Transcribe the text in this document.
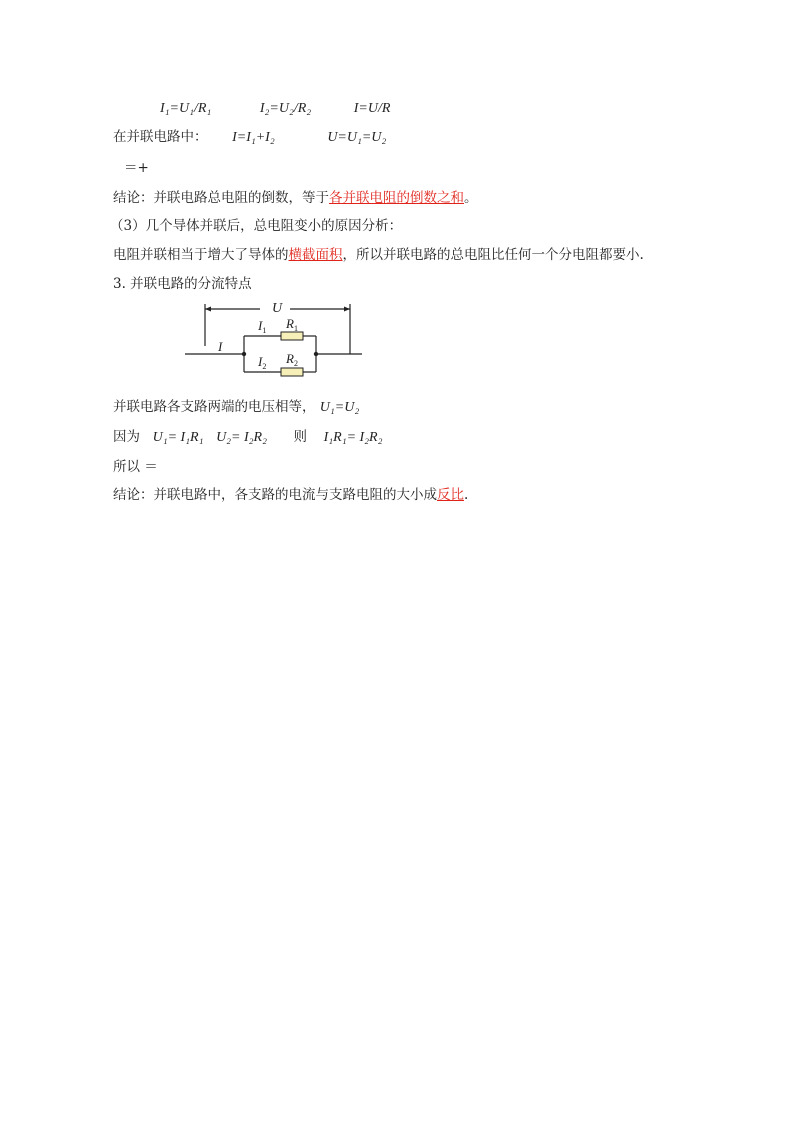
I₁=U₁/R₁	I₂=U₂/R₂	I=U/R
在并联电路中： I=I₁+I₂	U=U₁=U₂
＝+
结论：并联电路总电阻的倒数，等于各并联电阻的倒数之和。
（3）几个导体并联后，总电阻变小的原因分析：
电阻并联相当于增大了导体的横截面积，所以并联电路的总电阻比任何一个分电阻都要小.
3. 并联电路的分流特点
U
I
$I_1$ $R_1$
$I_2$
$R_2$
并联电路各支路两端的电压相等， U₁=U₂
因为 U₁= I₁R₁ U₂= I₂R₂ 则 I₁R₁= I₂R₂
所以 ＝
结论：并联电路中，各支路的电流与支路电阻的大小成反比.
